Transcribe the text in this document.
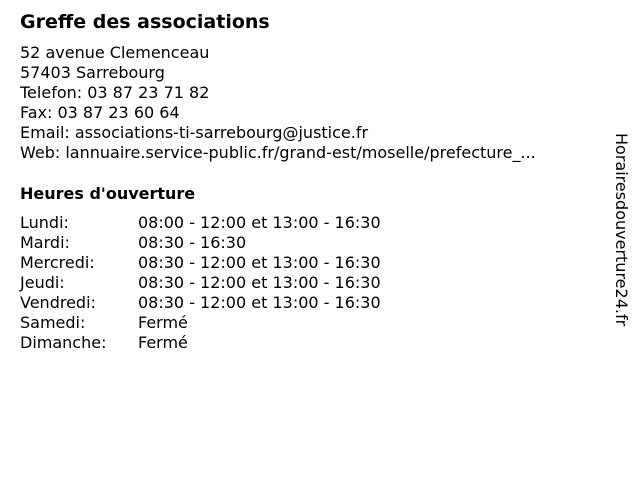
Greffe des associations
52 avenue Clemenceau
57403 Sarrebourg
Telefon: 03 87 23 71 82
Fax: 03 87 23 60 64
Email: associations-ti-sarrebourg@justice.fr
Web: lannuaire.service-public.fr/grand-est/moselle/prefecture_...
Heures d'ouverture
Lundi:	08:00 - 12:00 et 13:00 - 16:30
Mardi:	08:30 - 16:30
Mercredi:	08:30 - 12:00 et 13:00 - 16:30
Jeudi:	08:30 - 12:00 et 13:00 - 16:30
Vendredi:	08:30 - 12:00 et 13:00 - 16:30
Samedi:	Fermé
Dimanche:	Fermé
Horairesdouverture24.fr
